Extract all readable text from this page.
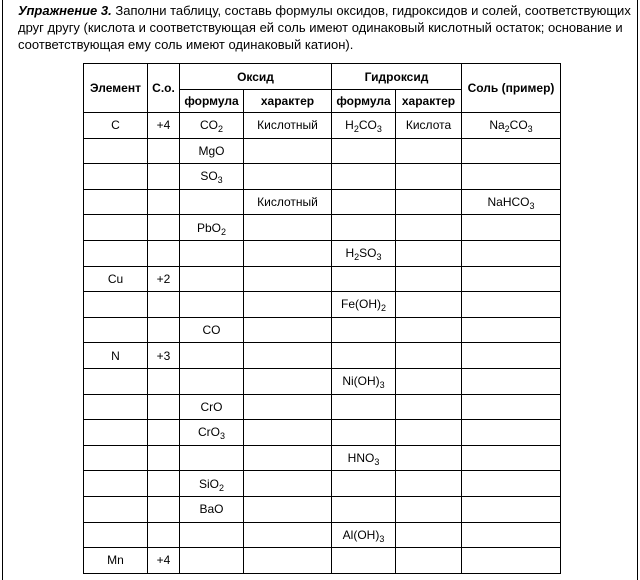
Упражнение 3. Заполни таблицу, составь формулы оксидов, гидроксидов и солей, соответствующих друг другу (кислота и соответствующая ей соль имеют одинаковый кислотный остаток; основание и соответствующая ему соль имеют одинаковый катион).
Элемент	С.о.	Оксид		Гидроксид		Соль (пример)
		формула	характер	формула	характер	
C	+4	$CO_2$	Кислотный	$H_2CO_3$	Кислота	$Na_2CO_3$
		MgO				
		$SO_3$				
			Кислотный			NaHCO$_3$
		PbO$_2$				
				$H_2SO_3$		
Cu	+2					
				$Fe(OH)_2$		
		CO				
N	+3					
				$Ni(OH)_3$		
		CrO				
		CrO$_3$				
				$HNO_3$		
		SiO$_2$				
		BaO				
				$Al(OH)_3$		
Mn	+4					
